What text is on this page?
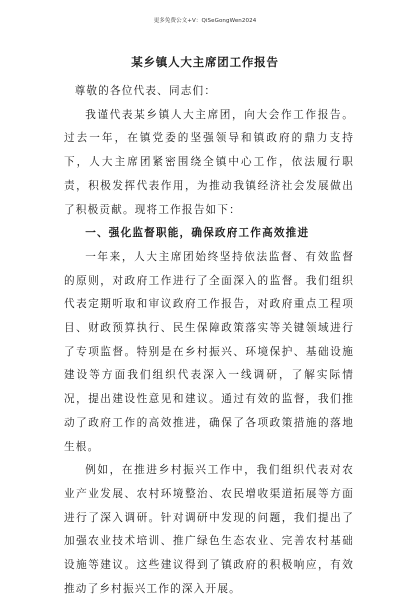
更多免费公文+V：QiSeGongWen2024
某乡镇人大主席团工作报告

尊敬的各位代表、同志们：

我谨代表某乡镇人大主席团，向大会作工作报告。过去一年，在镇党委的坚强领导和镇政府的鼎力支持下，人大主席团紧密围绕全镇中心工作，依法履行职责，积极发挥代表作用，为推动我镇经济社会发展做出了积极贡献。现将工作报告如下：

一、强化监督职能，确保政府工作高效推进

一年来，人大主席团始终坚持依法监督、有效监督的原则，对政府工作进行了全面深入的监督。我们组织代表定期听取和审议政府工作报告，对政府重点工程项目、财政预算执行、民生保障政策落实等关键领域进行了专项监督。特别是在乡村振兴、环境保护、基础设施建设等方面我们组织代表深入一线调研，了解实际情况，提出建设性意见和建议。通过有效的监督，我们推动了政府工作的高效推进，确保了各项政策措施的落地生根。

例如，在推进乡村振兴工作中，我们组织代表对农业产业发展、农村环境整治、农民增收渠道拓展等方面进行了深入调研。针对调研中发现的问题，我们提出了加强农业技术培训、推广绿色生态农业、完善农村基础设施等建议。这些建议得到了镇政府的积极响应，有效推动了乡村振兴工作的深入开展。
